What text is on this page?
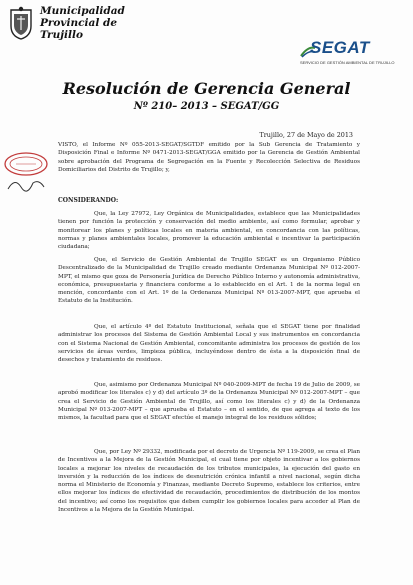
Municipalidad
Provincial de
Trujillo
SEGAT
SERVICIO DE GESTIÓN AMBIENTAL DE TRUJILLO
Resolución de Gerencia General
Nº 210– 2013 – SEGAT/GG
Trujillo, 27 de Mayo de 2013
VISTO, el Informe Nº 055-2013-SEGAT/SGTDF emitido por la Sub Gerencia de Tratamiento y Disposición Final e Informe Nº 0471-2013-SEGAT/GGA emitido por la Gerencia de Gestión Ambiental sobre aprobación del Programa de Segregación en la Fuente y Recolección Selectiva de Residuos Domiciliarios del Distrito de Trujillo; y,
CONSIDERANDO:
Que, la Ley 27972, Ley Orgánica de Municipalidades, establece que las Municipalidades tienen por función la protección y conservación del medio ambiente, así como formular, aprobar y monitorear los planes y políticas locales en materia ambiental, en concordancia con las políticas, normas y planes ambientales locales, promover la educación ambiental e incentivar la participación ciudadana;
Que, el Servicio de Gestión Ambiental de Trujillo SEGAT es un Organismo Público Descentralizado de la Municipalidad de Trujillo creado mediante Ordenanza Municipal Nº 012-2007-MPT, el mismo que goza de Personería Jurídica de Derecho Público Interno y autonomía administrativa, económica, presupuestaria y financiera conforme a lo establecido en el Art. 1 de la norma legal en mención, concordante con el Art. 1º de la Ordenanza Municipal Nº 013-2007-MPT, que aprueba el Estatuto de la Institución.
Que, el artículo 4º del Estatuto Institucional, señala que el SEGAT tiene por finalidad administrar los procesos del Sistema de Gestión Ambiental Local y sus instrumentos en concordancia con el Sistema Nacional de Gestión Ambiental, concomitante administra los procesos de gestión de los servicios de áreas verdes, limpieza pública, incluyéndose dentro de ésta a la disposición final de desechos y tratamiento de residuos.
Que, asimismo por Ordenanza Municipal Nº 040-2009-MPT de fecha 19 de Julio de 2009, se aprobó modificar los literales c) y d) del artículo 3º de la Ordenanza Municipal Nº 012-2007-MPT – que crea el Servicio de Gestión Ambiental de Trujillo, así como los literales c) y d) de la Ordenanza Municipal Nº 013-2007-MPT – que aprueba el Estatuto – en el sentido, de que agrega al texto de los mismos, la facultad para que el SEGAT efectúe el manejo integral de los residuos sólidos;
Que, por Ley Nº 29332, modificada por el decreto de Urgencia Nº 119-2009, se crea el Plan de Incentivos a la Mejora de la Gestión Municipal, el cual tiene por objeto incentivar a los gobiernos locales a mejorar los niveles de recaudación de los tributos municipales, la ejecución del gasto en inversión y la reducción de los índices de desnutrición crónica infantil a nivel nacional, según dicha norma el Ministerio de Economía y Finanzas, mediante Decreto Supremo, establece los criterios, entre ellos mejorar los índices de efectividad de recaudación, procedimientos de distribución de los montos del incentivo; así como los requisitos que deben cumplir los gobiernos locales para acceder al Plan de Incentivos a la Mejora de la Gestión Municipal.
